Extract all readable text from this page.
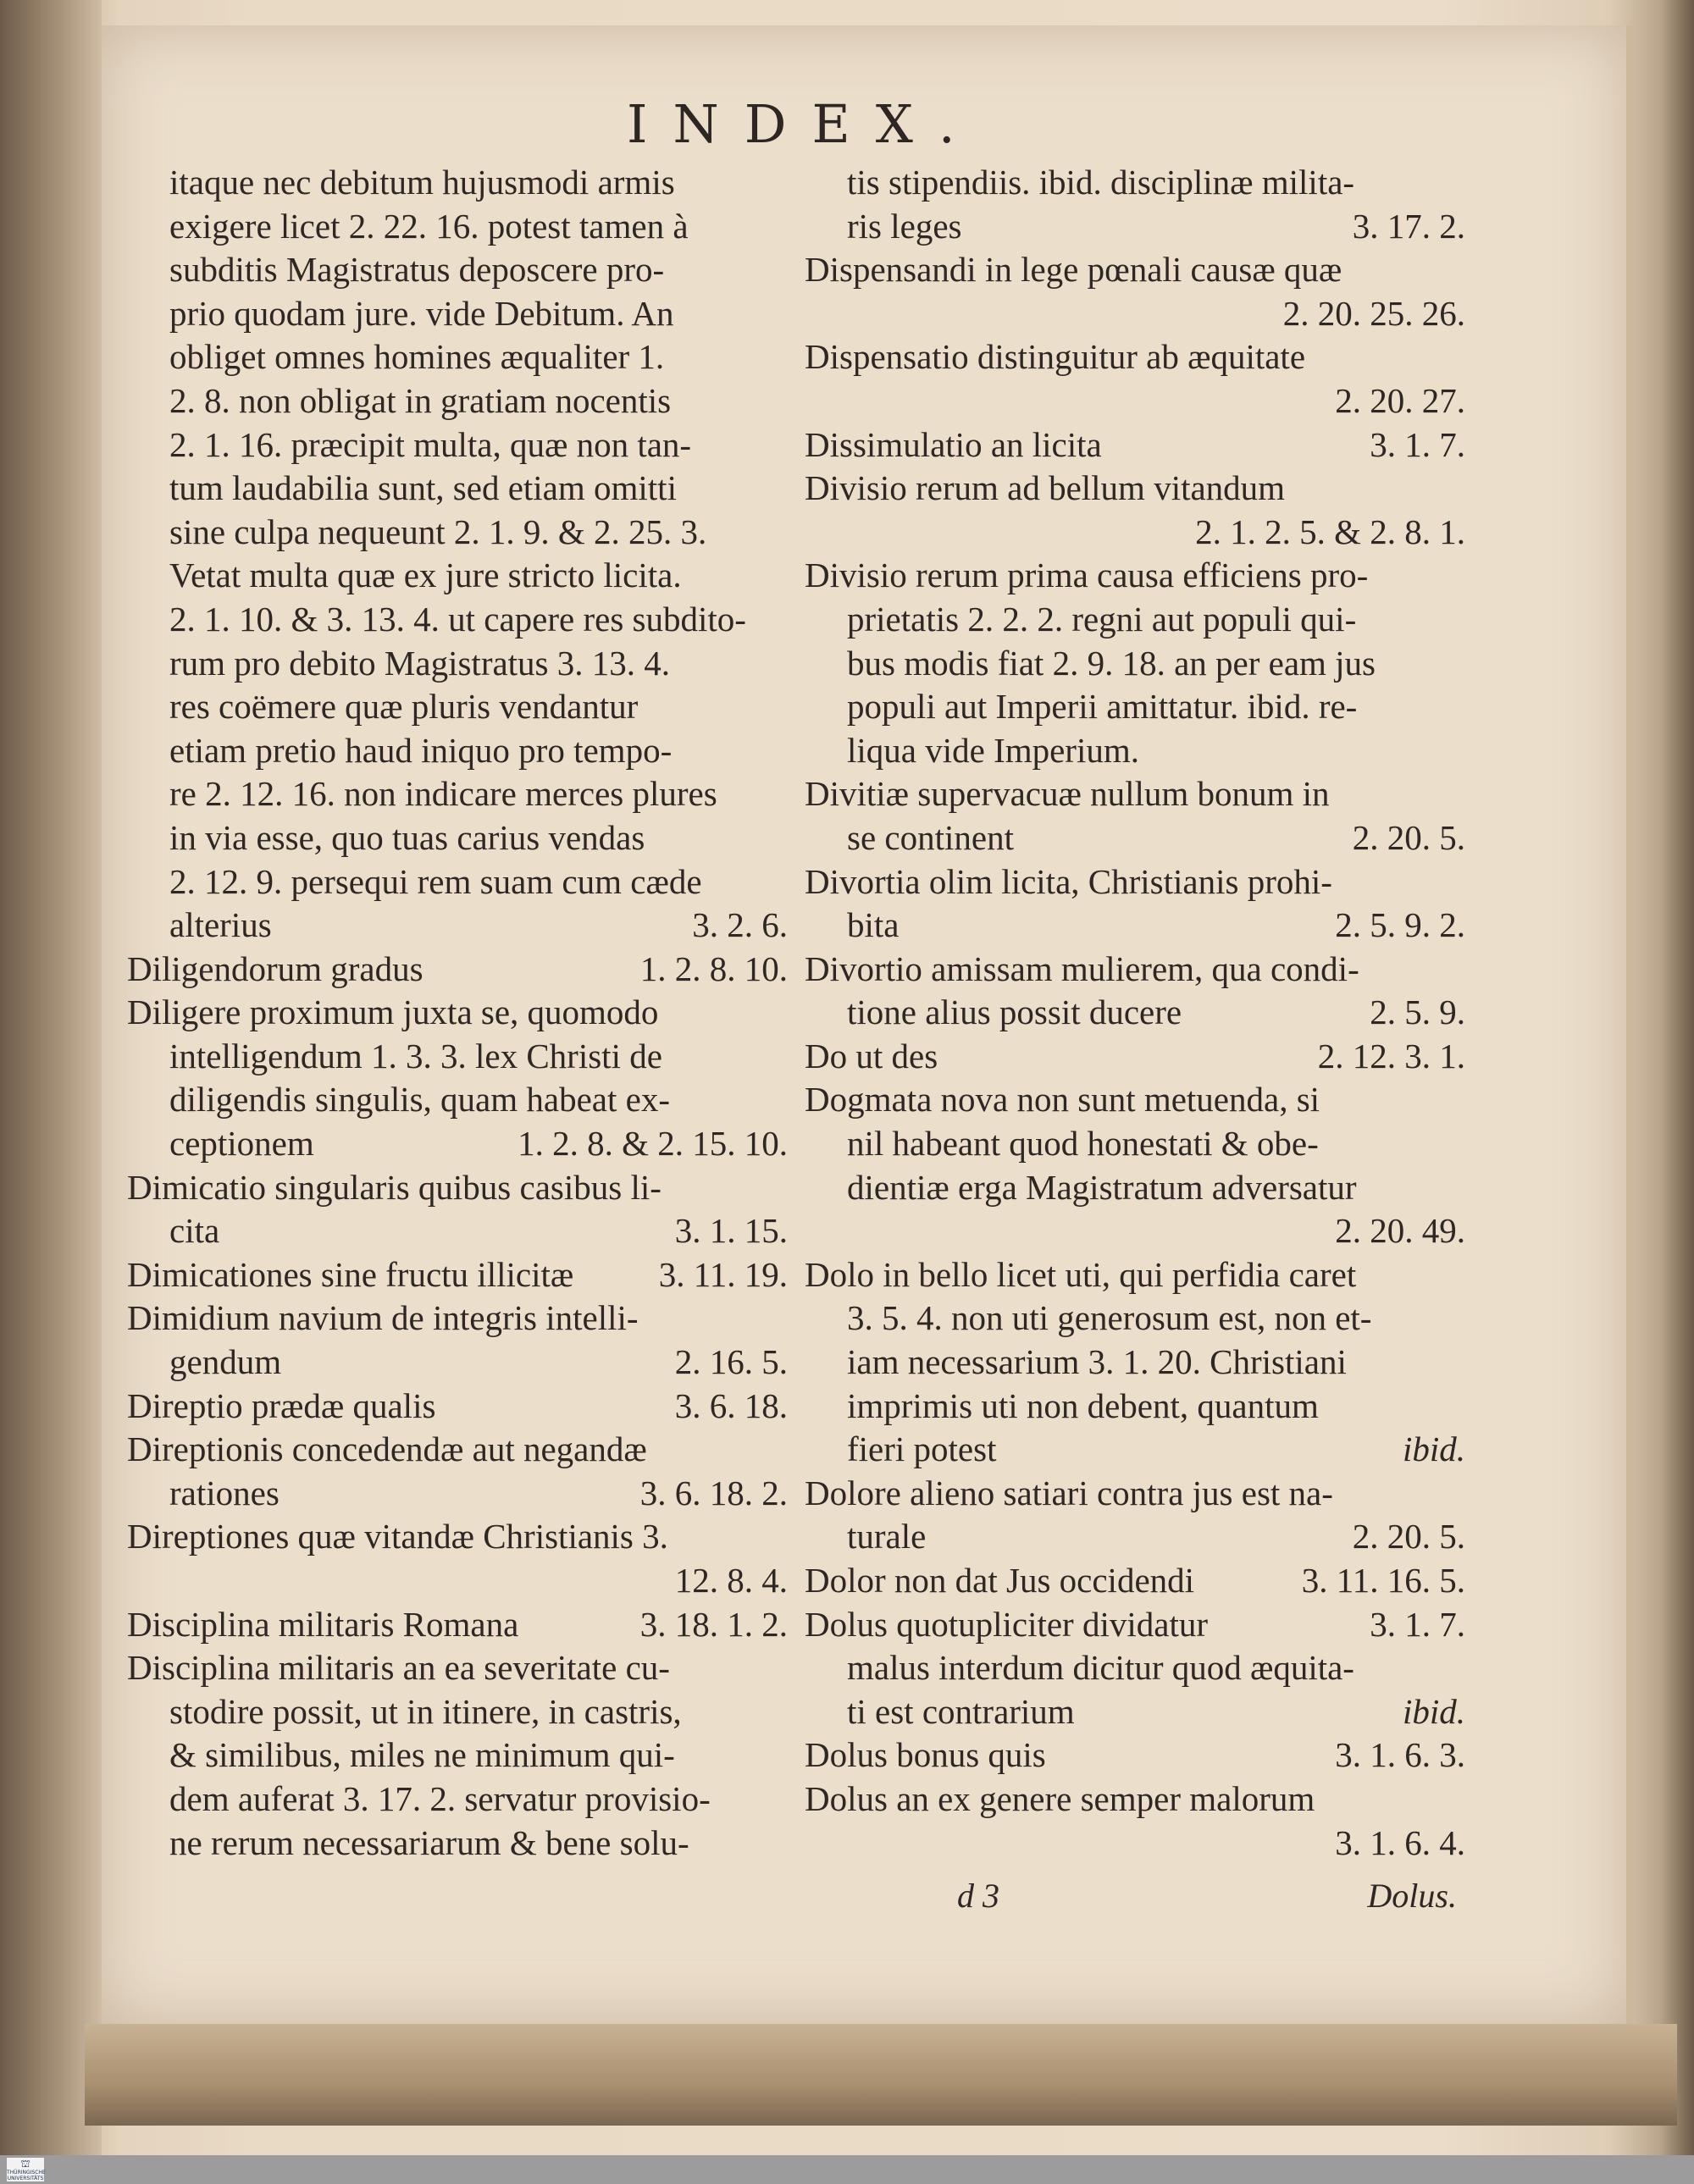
INDEX.
itaque nec debitum hujusmodi armis
exigere licet 2. 22. 16. potest tamen à
subditis Magistratus deposcere pro-
prio quodam jure. vide Debitum. An
obliget omnes homines æqualiter 1.
2. 8. non obligat in gratiam nocentis
2. 1. 16. præcipit multa, quæ non tan-
tum laudabilia sunt, sed etiam omitti
sine culpa nequeunt 2. 1. 9. & 2. 25. 3.
Vetat multa quæ ex jure stricto licita.
2. 1. 10. & 3. 13. 4. ut capere res subdito-
rum pro debito Magistratus 3. 13. 4.
res coëmere quæ pluris vendantur
etiam pretio haud iniquo pro tempo-
re 2. 12. 16. non indicare merces plures
in via esse, quo tuas carius vendas
2. 12. 9. persequi rem suam cum cæde
alterius	3. 2. 6.
Diligendorum gradus	1. 2. 8. 10.
Diligere proximum juxta se, quomodo
intelligendum 1. 3. 3. lex Christi de
diligendis singulis, quam habeat ex-
ceptionem	1. 2. 8. & 2. 15. 10.
Dimicatio singularis quibus casibus li-
cita	3. 1. 15.
Dimicationes sine fructu illicitæ 3. 11. 19.
Dimidium navium de integris intelli-
gendum	2. 16. 5.
Direptio prædæ qualis	3. 6. 18.
Direptionis concedendæ aut negandæ
rationes	3. 6. 18. 2.
Direptiones quæ vitandæ Christianis 3.
12. 8. 4.
Disciplina militaris Romana	3. 18. 1. 2.
Disciplina militaris an ea severitate cu-
stodire possit, ut in itinere, in castris,
& similibus, miles ne minimum qui-
dem auferat 3. 17. 2. servatur provisio-
ne rerum necessariarum & bene solu-
tis stipendiis. ibid. disciplinæ milita-
ris leges	3. 17. 2.
Dispensandi in lege pœnali causæ quæ
2. 20. 25. 26.
Dispensatio distinguitur ab æquitate
2. 20. 27.
Dissimulatio an licita	3. 1. 7.
Divisio rerum ad bellum vitandum
2. 1. 2. 5. & 2. 8. 1.
Divisio rerum prima causa efficiens pro-
prietatis 2. 2. 2. regni aut populi qui-
bus modis fiat 2. 9. 18. an per eam jus
populi aut Imperii amittatur. ibid. re-
liqua vide Imperium.
Divitiæ supervacuæ nullum bonum in
se continent	2. 20. 5.
Divortia olim licita, Christianis prohi-
bita	2. 5. 9. 2.
Divortio amissam mulierem, qua condi-
tione alius possit ducere	2. 5. 9.
Do ut des	2. 12. 3. 1.
Dogmata nova non sunt metuenda, si
nil habeant quod honestati & obe-
dientiæ erga Magistratum adversatur
2. 20. 49.
Dolo in bello licet uti, qui perfidia caret
3. 5. 4. non uti generosum est, non et-
iam necessarium 3. 1. 20. Christiani
imprimis uti non debent, quantum
fieri potest	ibid.
Dolore alieno satiari contra jus est na-
turale	2. 20. 5.
Dolor non dat Jus occidendi	3. 11. 16. 5.
Dolus quotupliciter dividatur	3. 1. 7.
malus interdum dicitur quod æquita-
ti est contrarium	ibid.
Dolus bonus quis	3. 1. 6. 3.
Dolus an ex genere semper malorum
3. 1. 6. 4.
d 3	Dolus.
⛫
THÜRINGISCHE UNIVERSITÄTS
